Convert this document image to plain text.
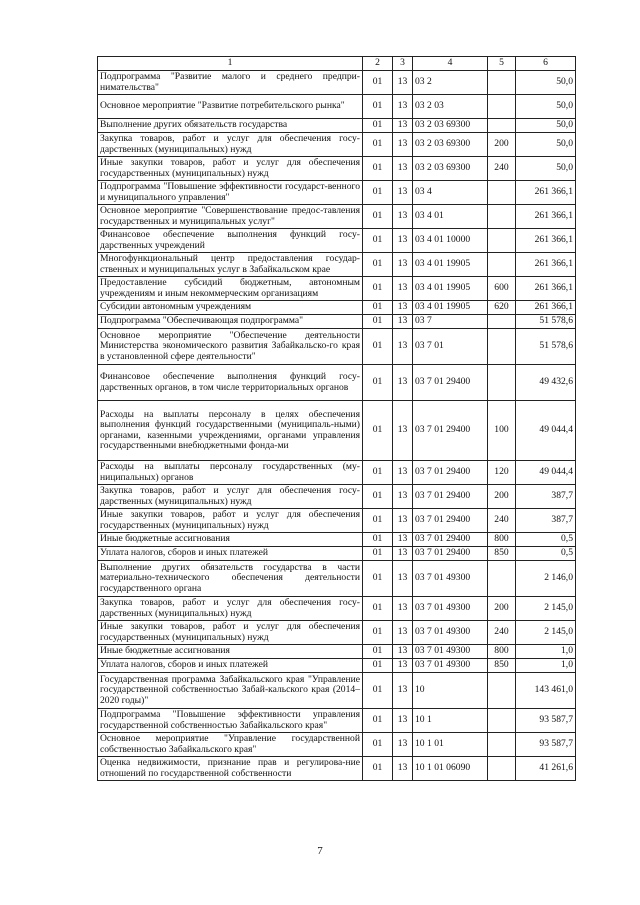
1	2	3	4	5	6
Подпрограмма "Развитие малого и среднего предпри-нимательства"	01	13	03 2		50,0
Основное мероприятие "Развитие потребительского рынка"	01	13	03 2 03		50,0
Выполнение других обязательств государства	01	13	03 2 03 69300		50,0
Закупка товаров, работ и услуг для обеспечения госу-дарственных (муниципальных) нужд	01	13	03 2 03 69300	200	50,0
Иные закупки товаров, работ и услуг для обеспечения государственных (муниципальных) нужд	01	13	03 2 03 69300	240	50,0
Подпрограмма "Повышение эффективности государст-венного и муниципального управления"	01	13	03 4		261 366,1
Основное мероприятие "Совершенствование предос-тавления государственных и муниципальных услуг"	01	13	03 4 01		261 366,1
Финансовое обеспечение выполнения функций госу-дарственных учреждений	01	13	03 4 01 10000		261 366,1
Многофункциональный центр предоставления государ-ственных и муниципальных услуг в Забайкальском крае	01	13	03 4 01 19905		261 366,1
Предоставление субсидий бюджетным, автономным учреждениям и иным некоммерческим организациям	01	13	03 4 01 19905	600	261 366,1
Субсидии автономным учреждениям	01	13	03 4 01 19905	620	261 366,1
Подпрограмма "Обеспечивающая подпрограмма"	01	13	03 7		51 578,6
Основное мероприятие "Обеспечение деятельности Министерства экономического развития Забайкальско-го края в установленной сфере деятельности"	01	13	03 7 01		51 578,6
Финансовое обеспечение выполнения функций госу-дарственных органов, в том числе территориальных органов	01	13	03 7 01 29400		49 432,6
Расходы на выплаты персоналу в целях обеспечения выполнения функций государственными (муниципаль-ными) органами, казенными учреждениями, органами управления государственными внебюджетными фонда-ми	01	13	03 7 01 29400	100	49 044,4
Расходы на выплаты персоналу государственных (му-ниципальных) органов	01	13	03 7 01 29400	120	49 044,4
Закупка товаров, работ и услуг для обеспечения госу-дарственных (муниципальных) нужд	01	13	03 7 01 29400	200	387,7
Иные закупки товаров, работ и услуг для обеспечения государственных (муниципальных) нужд	01	13	03 7 01 29400	240	387,7
Иные бюджетные ассигнования	01	13	03 7 01 29400	800	0,5
Уплата налогов, сборов и иных платежей	01	13	03 7 01 29400	850	0,5
Выполнение других обязательств государства в части материально-технического обеспечения деятельности государственного органа	01	13	03 7 01 49300		2 146,0
Закупка товаров, работ и услуг для обеспечения госу-дарственных (муниципальных) нужд	01	13	03 7 01 49300	200	2 145,0
Иные закупки товаров, работ и услуг для обеспечения государственных (муниципальных) нужд	01	13	03 7 01 49300	240	2 145,0
Иные бюджетные ассигнования	01	13	03 7 01 49300	800	1,0
Уплата налогов, сборов и иных платежей	01	13	03 7 01 49300	850	1,0
Государственная программа Забайкальского края "Управление государственной собственностью Забай-кальского края (2014–2020 годы)"	01	13	10		143 461,0
Подпрограмма "Повышение эффективности управления государственной собственностью Забайкальского края"	01	13	10 1		93 587,7
Основное мероприятие "Управление государственной собственностью Забайкальского края"	01	13	10 1 01		93 587,7
Оценка недвижимости, признание прав и регулирова-ние отношений по государственной собственности	01	13	10 1 01 06090		41 261,6
7
